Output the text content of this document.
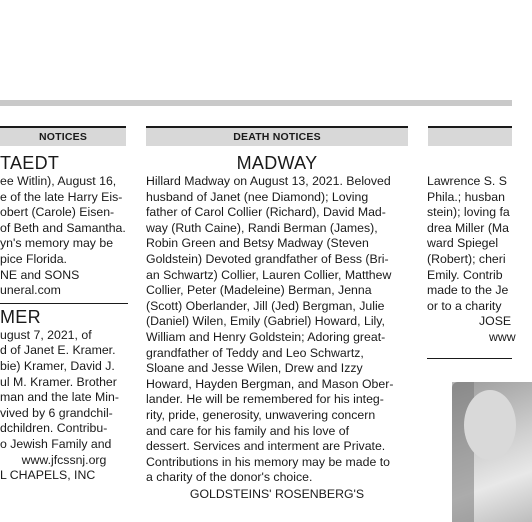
NOTICES
TAEDT
ee Witlin), August 16,
e of the late Harry Eis-
obert (Carole) Eisen-
of Beth and Samantha.
yn's memory may be
pice Florida.
NE and SONS
uneral.com
MER
ugust 7, 2021, of
d of Janet E. Kramer.
bie) Kramer, David J.
ul M. Kramer. Brother
man and the late Min-
vived by 6 grandchil-
dchildren. Contribu-
o Jewish Family and
www.jfcssnj.org
L CHAPELS, INC
DEATH NOTICES
MADWAY
Hillard Madway on August 13, 2021. Beloved
husband of Janet (nee Diamond); Loving
father of Carol Collier (Richard), David Mad-
way (Ruth Caine), Randi Berman (James),
Robin Green and Betsy Madway (Steven
Goldstein) Devoted grandfather of Bess (Bri-
an Schwartz) Collier, Lauren Collier, Matthew
Collier, Peter (Madeleine) Berman, Jenna
(Scott) Oberlander, Jill (Jed) Bergman, Julie
(Daniel) Wilen, Emily (Gabriel) Howard, Lily,
William and Henry Goldstein; Adoring great-
grandfather of Teddy and Leo Schwartz,
Sloane and Jesse Wilen, Drew and Izzy
Howard, Hayden Bergman, and Mason Ober-
lander. He will be remembered for his integ-
rity, pride, generosity, unwavering concern
and care for his family and his love of
dessert. Services and interment are Private.
Contributions in his memory may be made to
a charity of the donor's choice.
GOLDSTEINS' ROSENBERG'S
Lawrence S. S
Phila.; husban
stein); loving fa
drea Miller (Ma
ward Spiegel
(Robert); cheri
Emily. Contrib
made to the Je
or to a charity
JOSE
www
